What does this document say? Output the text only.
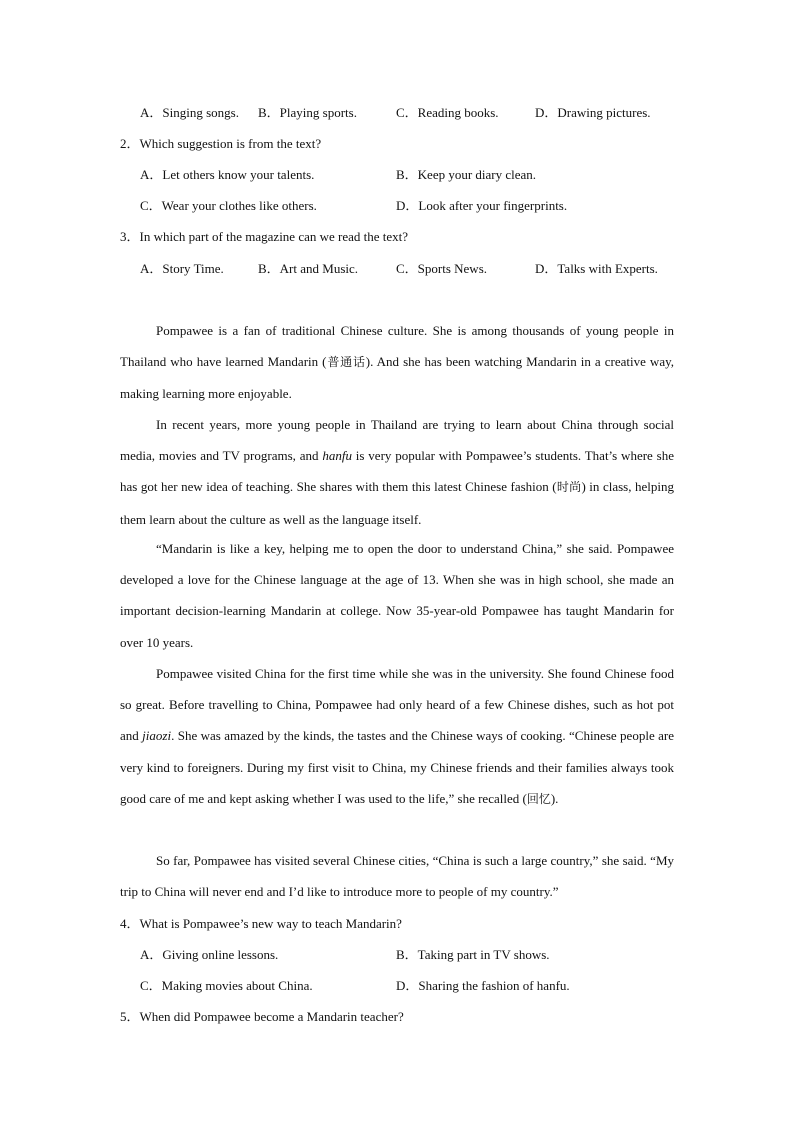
A．Singing songs. B．Playing sports.	C．Reading books.	D．Drawing pictures.
2．Which suggestion is from the text?
A．Let others know your talents.	B．Keep your diary clean.
C．Wear your clothes like others.	D．Look after your fingerprints.
3．In which part of the magazine can we read the text?
A．Story Time.	B．Art and Music.	C．Sports News.	D．Talks with Experts.

Pompawee is a fan of traditional Chinese culture. She is among thousands of young people in Thailand who have learned Mandarin (普通话). And she has been watching Mandarin in a creative way, making learning more enjoyable.

In recent years, more young people in Thailand are trying to learn about China through social media, movies and TV programs, and hanfu is very popular with Pompawee’s students. That’s where she has got her new idea of teaching. She shares with them this latest Chinese fashion (时尚) in class, helping them learn about the culture as well as the language itself.

“Mandarin is like a key, helping me to open the door to understand China,” she said. Pompawee developed a love for the Chinese language at the age of 13. When she was in high school, she made an important decision-learning Mandarin at college. Now 35-year-old Pompawee has taught Mandarin for over 10 years.

Pompawee visited China for the first time while she was in the university. She found Chinese food so great. Before travelling to China, Pompawee had only heard of a few Chinese dishes, such as hot pot and jiaozi. She was amazed by the kinds, the tastes and the Chinese ways of cooking. “Chinese people are very kind to foreigners. During my first visit to China, my Chinese friends and their families always took good care of me and kept asking whether I was used to the life,” she recalled (回忆).

So far, Pompawee has visited several Chinese cities, “China is such a large country,” she said. “My trip to China will never end and I’d like to introduce more to people of my country.”

4．What is Pompawee’s new way to teach Mandarin?
A．Giving online lessons.	B．Taking part in TV shows.
C．Making movies about China.	D．Sharing the fashion of hanfu.
5．When did Pompawee become a Mandarin teacher?
